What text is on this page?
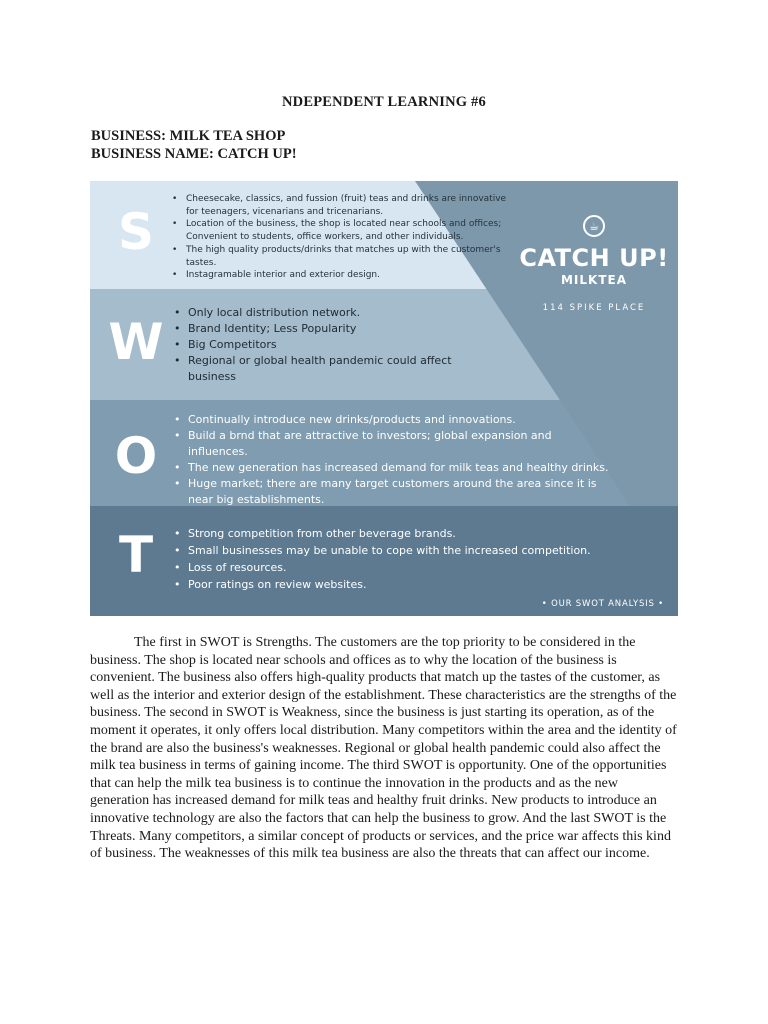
NDEPENDENT LEARNING #6
BUSINESS: MILK TEA SHOP
BUSINESS NAME: CATCH UP!
S
W
O
T
• Cheesecake, classics, and fussion (fruit) teas and drinks are innovative for teenagers, vicenarians and tricenarians.
• Location of the business, the shop is located near schools and offices; Convenient to students, office workers, and other individuals.
• The high quality products/drinks that matches up with the customer's tastes.
• Instagramable interior and exterior design.
• Only local distribution network.
• Brand Identity; Less Popularity
• Big Competitors
• Regional or global health pandemic could affect business
• Continually introduce new drinks/products and innovations.
• Build a brnd that are attractive to investors; global expansion and influences.
• The new generation has increased demand for milk teas and healthy drinks.
• Huge market; there are many target customers around the area since it is near big establishments.
• Strong competition from other beverage brands.
• Small businesses may be unable to cope with the increased competition.
• Loss of resources.
• Poor ratings on review websites.
☕
CATCH UP!
MILKTEA
114 SPIKE PLACE
• OUR SWOT ANALYSIS •
The first in SWOT is Strengths. The customers are the top priority to be considered in the business. The shop is located near schools and offices as to why the location of the business is convenient. The business also offers high-quality products that match up the tastes of the customer, as well as the interior and exterior design of the establishment. These characteristics are the strengths of the business. The second in SWOT is Weakness, since the business is just starting its operation, as of the moment it operates, it only offers local distribution. Many competitors within the area and the identity of the brand are also the business's weaknesses. Regional or global health pandemic could also affect the milk tea business in terms of gaining income. The third SWOT is opportunity. One of the opportunities that can help the milk tea business is to continue the innovation in the products and as the new generation has increased demand for milk teas and healthy fruit drinks. New products to introduce an innovative technology are also the factors that can help the business to grow. And the last SWOT is the Threats. Many competitors, a similar concept of products or services, and the price war affects this kind of business. The weaknesses of this milk tea business are also the threats that can affect our income.
